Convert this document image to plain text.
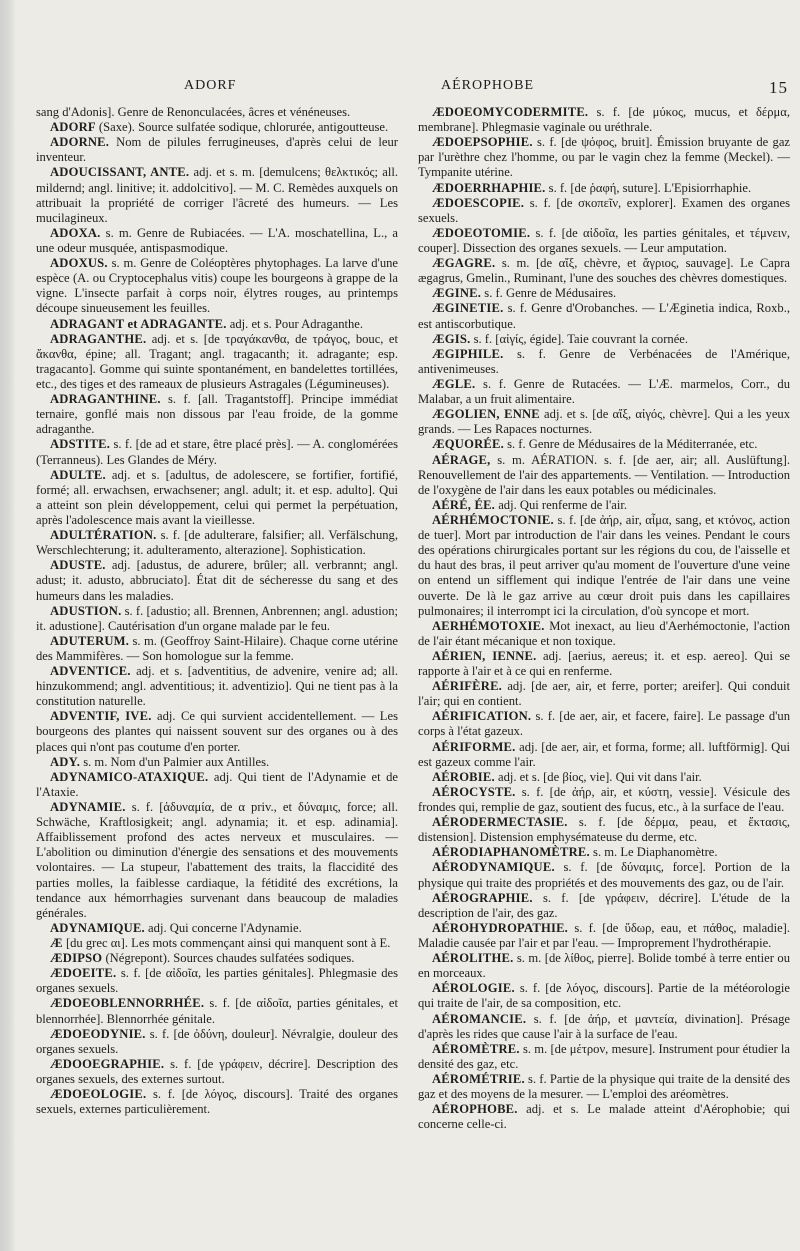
ADORF	AÉROPHOBE	15

sang d'Adonis]. Genre de Renonculacées, âcres et vénéneuses.

ADORF (Saxe). Source sulfatée sodique, chlorurée, antigoutteuse.

ADORNE. Nom de pilules ferrugineuses, d'après celui de leur inventeur.

ADOUCISSANT, ANTE. adj. et s. m. [demulcens; θελκτικός; all. mildernd; angl. linitive; it. addolcitivo]. — M. C. Remèdes auxquels on attribuait la propriété de corriger l'âcreté des humeurs. — Les mucilagineux.

ADOXA. s. m. Genre de Rubiacées. — L'A. moschatellina, L., a une odeur musquée, antispasmodique.

ADOXUS. s. m. Genre de Coléoptères phytophages. La larve d'une espèce (A. ou Cryptocephalus vitis) coupe les bourgeons à grappe de la vigne. L'insecte parfait à corps noir, élytres rouges, au printemps découpe sinueusement les feuilles.

ADRAGANT et ADRAGANTE. adj. et s. Pour Adraganthe.

ADRAGANTHE. adj. et s. [de τραγάκανθα, de τράγος, bouc, et ἄκανθα, épine; all. Tragant; angl. tragacanth; it. adragante; esp. tragacanto]. Gomme qui suinte spontanément, en bandelettes tortillées, etc., des tiges et des rameaux de plusieurs Astragales (Légumineuses).

ADRAGANTHINE. s. f. [all. Tragantstoff]. Principe immédiat ternaire, gonflé mais non dissous par l'eau froide, de la gomme adraganthe.

ADSTITE. s. f. [de ad et stare, être placé près]. — A. conglomérées (Terranneus). Les Glandes de Méry.

ADULTE. adj. et s. [adultus, de adolescere, se fortifier, fortifié, formé; all. erwachsen, erwachsener; angl. adult; it. et esp. adulto]. Qui a atteint son plein développement, celui qui permet la perpétuation, après l'adolescence mais avant la vieillesse.

ADULTÉRATION. s. f. [de adulterare, falsifier; all. Verfälschung, Werschlechterung; it. adulteramento, alterazione]. Sophistication.

ADUSTE. adj. [adustus, de adurere, brûler; all. verbrannt; angl. adust; it. adusto, abbruciato]. État dit de sécheresse du sang et des humeurs dans les maladies.

ADUSTION. s. f. [adustio; all. Brennen, Anbrennen; angl. adustion; it. adustione]. Cautérisation d'un organe malade par le feu.

ADUTERUM. s. m. (Geoffroy Saint-Hilaire). Chaque corne utérine des Mammifères. — Son homologue sur la femme.

ADVENTICE. adj. et s. [adventitius, de advenire, venire ad; all. hinzukommend; angl. adventitious; it. adventizio]. Qui ne tient pas à la constitution naturelle.

ADVENTIF, IVE. adj. Ce qui survient accidentellement. — Les bourgeons des plantes qui naissent souvent sur des organes ou à des places qui n'ont pas coutume d'en porter.

ADY. s. m. Nom d'un Palmier aux Antilles.

ADYNAMICO-ATAXIQUE. adj. Qui tient de l'Adynamie et de l'Ataxie.

ADYNAMIE. s. f. [ἀδυναμία, de α priv., et δύναμις, force; all. Schwäche, Kraftlosigkeit; angl. adynamia; it. et esp. adinamia]. Affaiblissement profond des actes nerveux et musculaires. — L'abolition ou diminution d'énergie des sensations et des mouvements volontaires. — La stupeur, l'abattement des traits, la flaccidité des parties molles, la faiblesse cardiaque, la fétidité des excrétions, la tendance aux hémorrhagies survenant dans beaucoup de maladies générales.

ADYNAMIQUE. adj. Qui concerne l'Adynamie.

Æ [du grec αι]. Les mots commençant ainsi qui manquent sont à E.

ÆDIPSO (Négrepont). Sources chaudes sulfatées sodiques.

ÆDOEITE. s. f. [de αἰδοῖα, les parties génitales]. Phlegmasie des organes sexuels.

ÆDOEOBLENNORRHÉE. s. f. [de αἰδοῖα, parties génitales, et blennorrhée]. Blennorrhée génitale.

ÆDOEODYNIE. s. f. [de ὀδύνη, douleur]. Névralgie, douleur des organes sexuels.

ÆDOOEGRAPHIE. s. f. [de γράφειν, décrire]. Description des organes sexuels, des externes surtout.

ÆDOEOLOGIE. s. f. [de λόγος, discours]. Traité des organes sexuels, externes particulièrement.

ÆDOEOMYCODERMITE. s. f. [de μύκος, mucus, et δέρμα, membrane]. Phlegmasie vaginale ou uréthrale.

ÆDOEPSOPHIE. s. f. [de ψόφος, bruit]. Émission bruyante de gaz par l'urèthre chez l'homme, ou par le vagin chez la femme (Meckel). — Tympanite utérine.

ÆDOERRHAPHIE. s. f. [de ῥαφή, suture]. L'Episiorrhaphie.

ÆDOESCOPIE. s. f. [de σκοπεῖν, explorer]. Examen des organes sexuels.

ÆDOEOTOMIE. s. f. [de αἰδοῖα, les parties génitales, et τέμνειν, couper]. Dissection des organes sexuels. — Leur amputation.

ÆGAGRE. s. m. [de αἴξ, chèvre, et ἄγριος, sauvage]. Le Capra ægagrus, Gmelin., Ruminant, l'une des souches des chèvres domestiques.

ÆGINE. s. f. Genre de Médusaires.

ÆGINETIE. s. f. Genre d'Orobanches. — L'Æginetia indica, Roxb., est antiscorbutique.

ÆGIS. s. f. [αἰγίς, égide]. Taie couvrant la cornée.

ÆGIPHILE. s. f. Genre de Verbénacées de l'Amérique, antivenimeuses.

ÆGLE. s. f. Genre de Rutacées. — L'Æ. marmelos, Corr., du Malabar, a un fruit alimentaire.

ÆGOLIEN, ENNE adj. et s. [de αἴξ, αἰγός, chèvre]. Qui a les yeux grands. — Les Rapaces nocturnes.

ÆQUORÉE. s. f. Genre de Médusaires de la Méditerranée, etc.

AÉRAGE, s. m. AÉRATION. s. f. [de aer, air; all. Auslüftung]. Renouvellement de l'air des appartements. — Ventilation. — Introduction de l'oxygène de l'air dans les eaux potables ou médicinales.

AÉRÉ, ÉE. adj. Qui renferme de l'air.

AÉRHÉMOCTONIE. s. f. [de ἀήρ, air, αἷμα, sang, et κτόνος, action de tuer]. Mort par introduction de l'air dans les veines. Pendant le cours des opérations chirurgicales portant sur les régions du cou, de l'aisselle et du haut des bras, il peut arriver qu'au moment de l'ouverture d'une veine on entend un sifflement qui indique l'entrée de l'air dans une veine ouverte. De là le gaz arrive au cœur droit puis dans les capillaires pulmonaires; il interrompt ici la circulation, d'où syncope et mort.

AERHÉMOTOXIE. Mot inexact, au lieu d'Aerhémoctonie, l'action de l'air étant mécanique et non toxique.

AÉRIEN, IENNE. adj. [aerius, aereus; it. et esp. aereo]. Qui se rapporte à l'air et à ce qui en renferme.

AÉRIFÈRE. adj. [de aer, air, et ferre, porter; areifer]. Qui conduit l'air; qui en contient.

AÉRIFICATION. s. f. [de aer, air, et facere, faire]. Le passage d'un corps à l'état gazeux.

AÉRIFORME. adj. [de aer, air, et forma, forme; all. luftförmig]. Qui est gazeux comme l'air.

AÉROBIE. adj. et s. [de βίος, vie]. Qui vit dans l'air.

AÉROCYSTE. s. f. [de ἀήρ, air, et κύστη, vessie]. Vésicule des frondes qui, remplie de gaz, soutient des fucus, etc., à la surface de l'eau.

AÉRODERMECTASIE. s. f. [de δέρμα, peau, et ἔκτασις, distension]. Distension emphysémateuse du derme, etc.

AÉRODIAPHANOMÈTRE. s. m. Le Diaphanomètre.

AÉRODYNAMIQUE. s. f. [de δύναμις, force]. Portion de la physique qui traite des propriétés et des mouvements des gaz, ou de l'air.

AÉROGRAPHIE. s. f. [de γράφειν, décrire]. L'étude de la description de l'air, des gaz.

AÉROHYDROPATHIE. s. f. [de ὕδωρ, eau, et πάθος, maladie]. Maladie causée par l'air et par l'eau. — Improprement l'hydrothérapie.

AÉROLITHE. s. m. [de λίθος, pierre]. Bolide tombé à terre entier ou en morceaux.

AÉROLOGIE. s. f. [de λόγος, discours]. Partie de la météorologie qui traite de l'air, de sa composition, etc.

AÉROMANCIE. s. f. [de ἀήρ, et μαντεία, divination]. Présage d'après les rides que cause l'air à la surface de l'eau.

AÉROMÈTRE. s. m. [de μέτρον, mesure]. Instrument pour étudier la densité des gaz, etc.

AÉROMÉTRIE. s. f. Partie de la physique qui traite de la densité des gaz et des moyens de la mesurer. — L'emploi des aréomètres.

AÉROPHOBE. adj. et s. Le malade atteint d'Aérophobie; qui concerne celle-ci.
